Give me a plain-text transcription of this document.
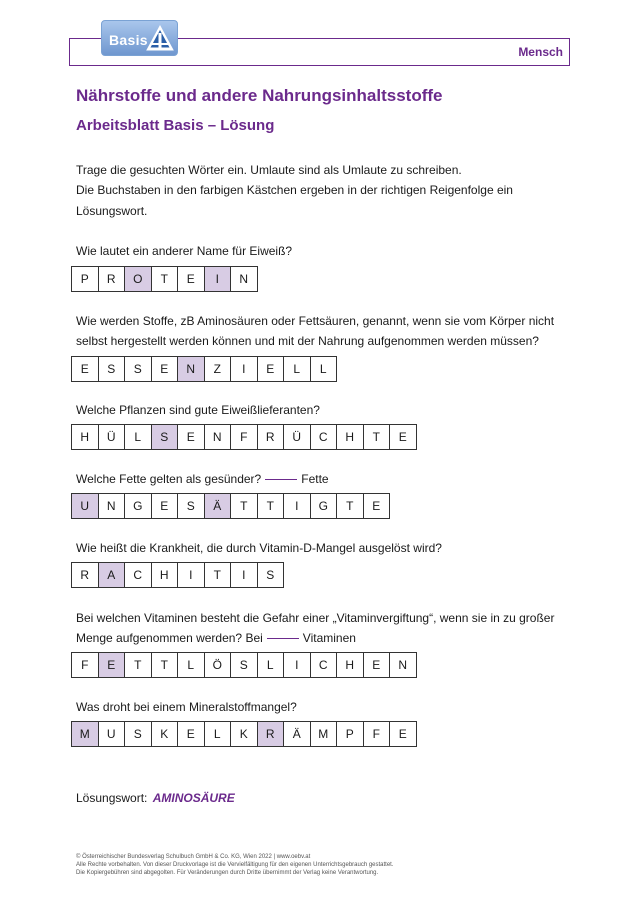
Mensch
Basis
Nährstoffe und andere Nahrungsinhaltsstoffe
Arbeitsblatt Basis – Lösung
Trage die gesuchten Wörter ein. Umlaute sind als Umlaute zu schreiben.
Die Buchstaben in den farbigen Kästchen ergeben in der richtigen Reigenfolge ein
Lösungswort.
Wie lautet ein anderer Name für Eiweiß?
P	R	O	T	E	I	N
Wie werden Stoffe, zB Aminosäuren oder Fettsäuren, genannt, wenn sie vom Körper nicht
selbst hergestellt werden können und mit der Nahrung aufgenommen werden müssen?
E	S	S	E	N	Z	I	E	L	L
Welche Pflanzen sind gute Eiweißlieferanten?
H	Ü	L	S	E	N	F	R	Ü	C	H	T	E
Welche Fette gelten als gesünder?	Fette
U	N	G	E	S	Ä	T	T	I	G	T	E
Wie heißt die Krankheit, die durch Vitamin-D-Mangel ausgelöst wird?
R	A	C	H	I	T	I	S
Bei welchen Vitaminen besteht die Gefahr einer „Vitaminvergiftung“, wenn sie in zu großer
Menge aufgenommen werden? Bei	Vitaminen
F	E	T	T	L	Ö	S	L	I	C	H	E	N
Was droht bei einem Mineralstoffmangel?
M	U	S	K	E	L	K	R	Ä	M	P	F	E
Lösungswort: AMINOSÄURE
© Österreichischer Bundesverlag Schulbuch GmbH & Co. KG, Wien 2022 | www.oebv.at
Alle Rechte vorbehalten. Von dieser Druckvorlage ist die Vervielfältigung für den eigenen Unterrichtsgebrauch gestattet.
Die Kopiergebühren sind abgegolten. Für Veränderungen durch Dritte übernimmt der Verlag keine Verantwortung.
